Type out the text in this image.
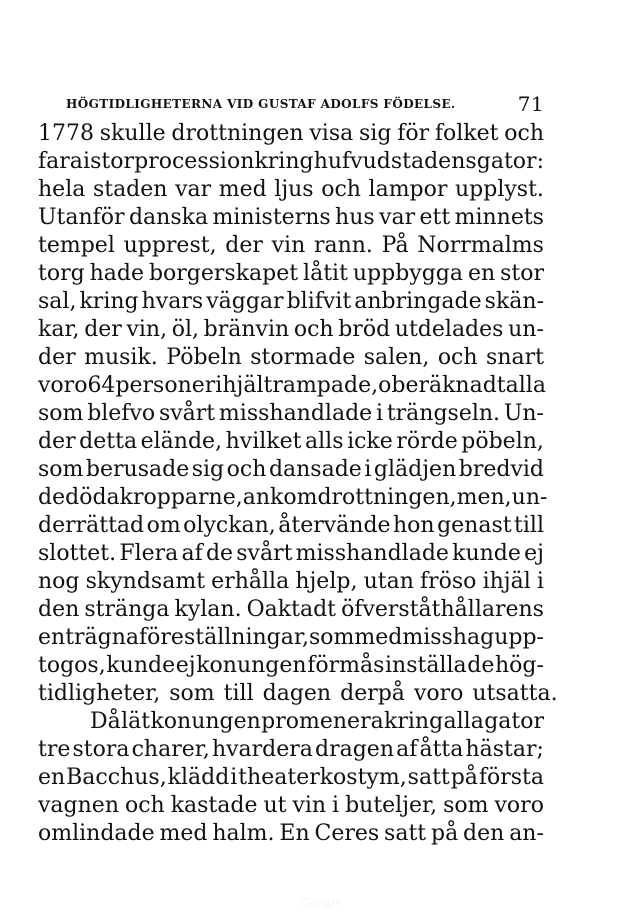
HÖGTIDLIGHETERNA VID GUSTAF ADOLFS FÖDELSE.	71
1778 skulle drottningen visa sig för folket och
fara i stor procession kring hufvudstadens gator:
hela staden var med ljus och lampor upplyst.
Utanför danska ministerns hus var ett minnets
tempel upprest, der vin rann. På Norrmalms
torg hade borgerskapet låtit uppbygga en stor
sal, kring hvars väggar blifvit anbringade skän-
kar, der vin, öl, bränvin och bröd utdelades un-
der musik. Pöbeln stormade salen, och snart
voro 64 personer ihjältrampade, oberäknadt alla
som blefvo svårt misshandlade i trängseln. Un-
der detta elände, hvilket alls icke rörde pöbeln,
som berusade sig och dansade i glädjen bredvid
de döda kropparne, ankom drottningen, men, un-
derrättad om olyckan, återvände hon genast till
slottet. Flera af de svårt misshandlade kunde ej
nog skyndsamt erhålla hjelp, utan fröso ihjäl i
den stränga kylan. Oaktadt öfverståthållarens
enträgna föreställningar, som med misshag upp-
togos, kunde ej konungen förmås inställa de hög-
tidligheter, som till dagen derpå voro utsatta.
Då lät konungen promenera kring alla gator
tre stora charer, hvardera dragen af åtta hästar;
en Bacchus, klädd i theaterkostym, satt på första
vagnen och kastade ut vin i buteljer, som voro
omlindade med halm. En Ceres satt på den an-
Google
